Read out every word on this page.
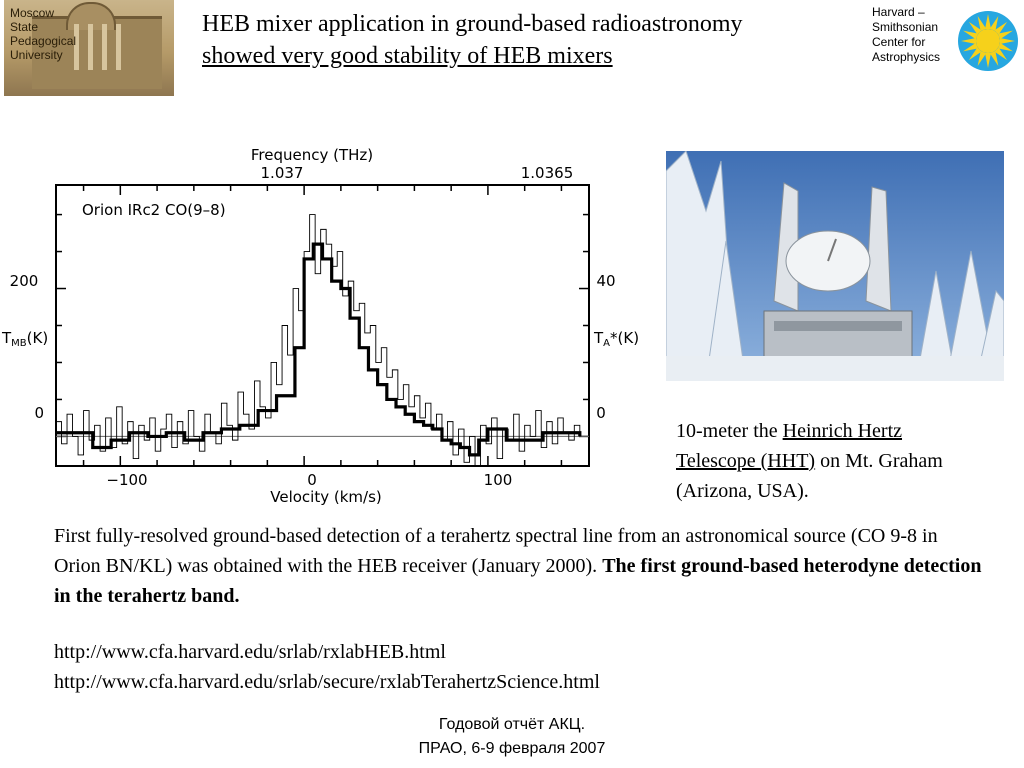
Moscow State Pedagogical University
HEB mixer application in ground-based radioastronomy
showed very good stability of HEB mixers
Harvard – Smithsonian Center for Astrophysics
Frequency (THz)
1.037	1.0365
Orion IRc2 CO(9–8)
200
0
40
0
$T_{MB}(K)$	$T_A*(K)$
−100	0	100
Velocity (km/s)
10-meter the Heinrich Hertz Telescope (HHT) on Mt. Graham (Arizona, USA).
First fully-resolved ground-based detection of a terahertz spectral line from an astronomical source (CO 9-8 in Orion BN/KL) was obtained with the HEB receiver (January 2000). The first ground-based heterodyne detection in the terahertz band.
http://www.cfa.harvard.edu/srlab/rxlabHEB.html
http://www.cfa.harvard.edu/srlab/secure/rxlabTerahertzScience.html
Годовой отчёт АКЦ.
ПРАО, 6-9 февраля 2007
